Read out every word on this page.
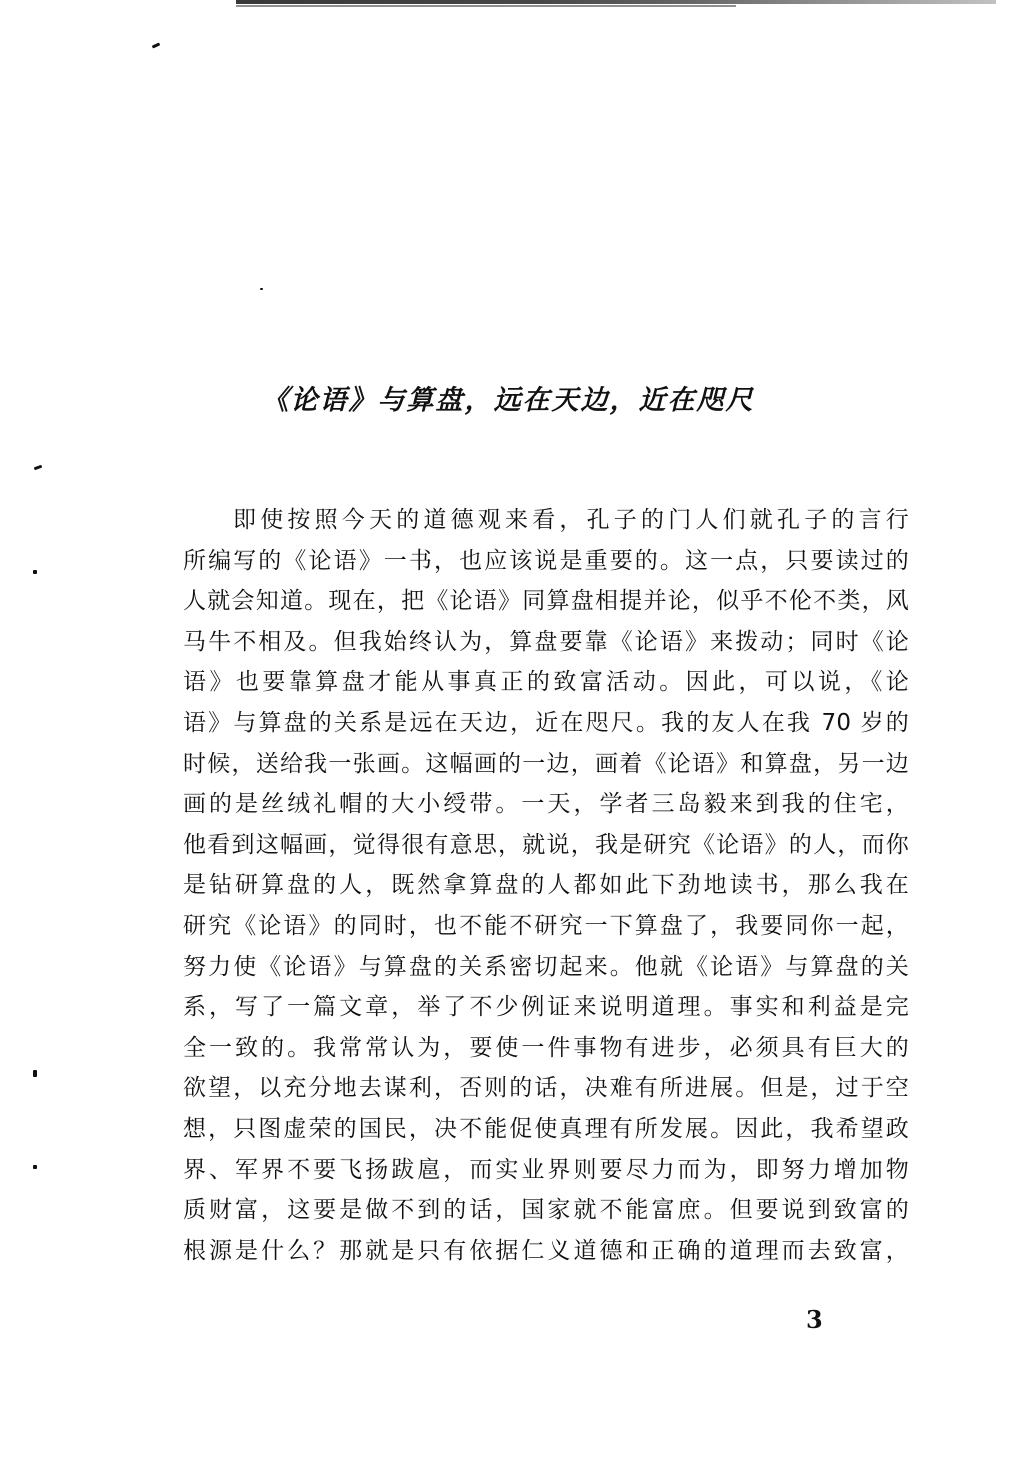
《论语》与算盘，远在天边，近在咫尺
即使按照今天的道德观来看，孔子的门人们就孔子的言行
所编写的《论语》一书，也应该说是重要的。这一点，只要读过的
人就会知道。现在，把《论语》同算盘相提并论，似乎不伦不类，风
马牛不相及。但我始终认为，算盘要靠《论语》来拨动；同时《论
语》也要靠算盘才能从事真正的致富活动。因此，可以说，《论
语》与算盘的关系是远在天边，近在咫尺。我的友人在我 70 岁的
时候，送给我一张画。这幅画的一边，画着《论语》和算盘，另一边
画的是丝绒礼帽的大小绶带。一天，学者三岛毅来到我的住宅，
他看到这幅画，觉得很有意思，就说，我是研究《论语》的人，而你
是钻研算盘的人，既然拿算盘的人都如此下劲地读书，那么我在
研究《论语》的同时，也不能不研究一下算盘了，我要同你一起，
努力使《论语》与算盘的关系密切起来。他就《论语》与算盘的关
系，写了一篇文章，举了不少例证来说明道理。事实和利益是完
全一致的。我常常认为，要使一件事物有进步，必须具有巨大的
欲望，以充分地去谋利，否则的话，决难有所进展。但是，过于空
想，只图虚荣的国民，决不能促使真理有所发展。因此，我希望政
界、军界不要飞扬跋扈，而实业界则要尽力而为，即努力增加物
质财富，这要是做不到的话，国家就不能富庶。但要说到致富的
根源是什么？那就是只有依据仁义道德和正确的道理而去致富，
3
